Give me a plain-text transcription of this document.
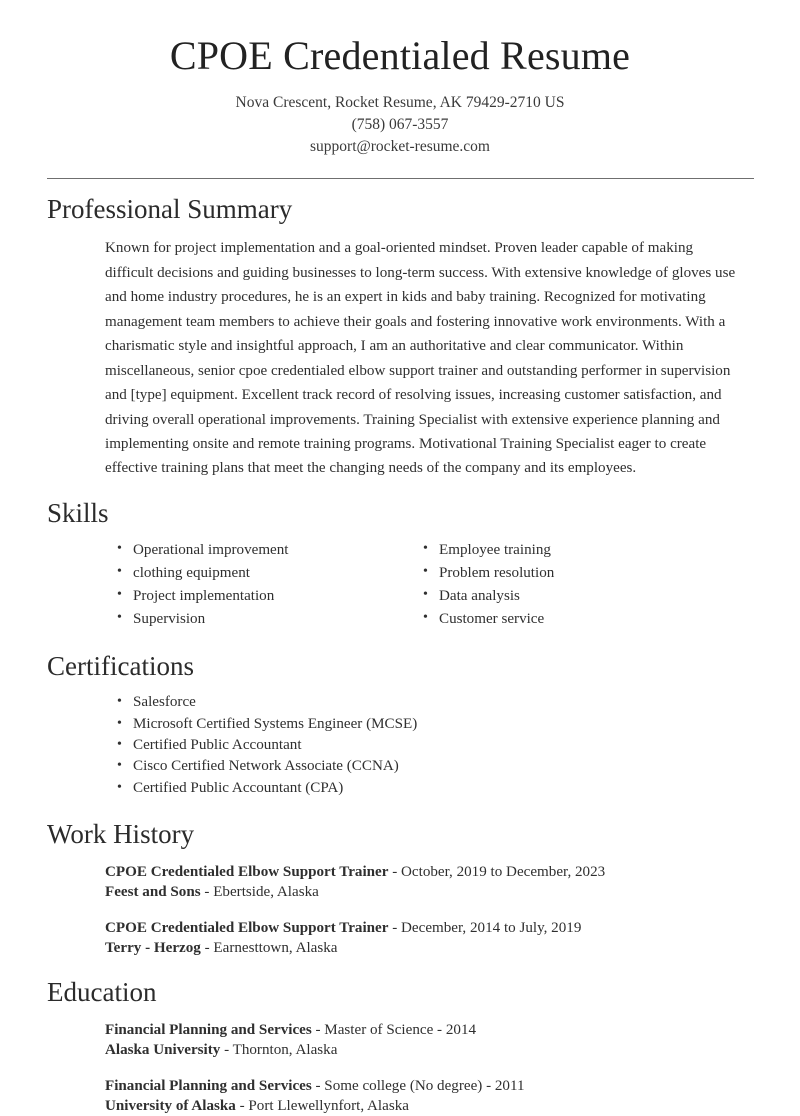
CPOE Credentialed Resume

Nova Crescent, Rocket Resume, AK 79429-2710 US

(758) 067-3557

support@rocket-resume.com

Professional Summary

Known for project implementation and a goal-oriented mindset. Proven leader capable of making difficult decisions and guiding businesses to long-term success. With extensive knowledge of gloves use and home industry procedures, he is an expert in kids and baby training. Recognized for motivating management team members to achieve their goals and fostering innovative work environments. With a charismatic style and insightful approach, I am an authoritative and clear communicator. Within miscellaneous, senior cpoe credentialed elbow support trainer and outstanding performer in supervision and [type] equipment. Excellent track record of resolving issues, increasing customer satisfaction, and driving overall operational improvements. Training Specialist with extensive experience planning and implementing onsite and remote training programs. Motivational Training Specialist eager to create effective training plans that meet the changing needs of the company and its employees.

Skills
• Operational improvement
• clothing equipment
• Project implementation
• Supervision
• Employee training
• Problem resolution
• Data analysis
• Customer service
Certifications
• Salesforce
• Microsoft Certified Systems Engineer (MCSE)
• Certified Public Accountant
• Cisco Certified Network Associate (CCNA)
• Certified Public Accountant (CPA)
Work History
CPOE Credentialed Elbow Support Trainer - October, 2019 to December, 2023
Feest and Sons - Ebertside, Alaska
CPOE Credentialed Elbow Support Trainer - December, 2014 to July, 2019
Terry - Herzog - Earnesttown, Alaska
Education
Financial Planning and Services - Master of Science - 2014
Alaska University - Thornton, Alaska
Financial Planning and Services - Some college (No degree) - 2011
University of Alaska - Port Llewellynfort, Alaska
